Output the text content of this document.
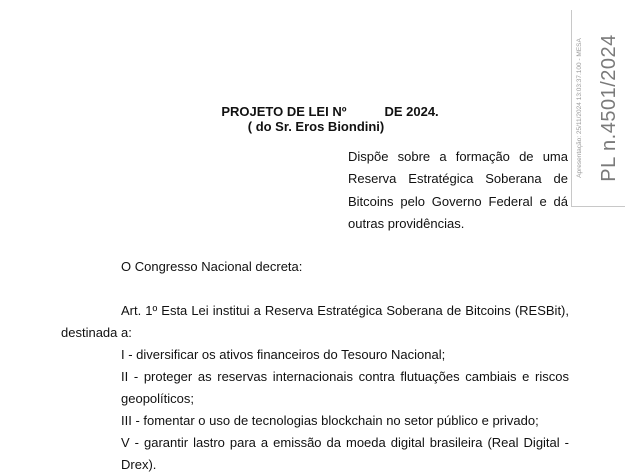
PROJETO DE LEI Nº	DE 2024.
( do Sr. Eros Biondini)
Dispõe sobre a formação de uma
Reserva Estratégica Soberana de
Bitcoins pelo Governo Federal e dá
outras providências.
O Congresso Nacional decreta:
Art. 1º Esta Lei institui a Reserva Estratégica Soberana de Bitcoins (RESBit),
destinada a:
I - diversificar os ativos financeiros do Tesouro Nacional;
II - proteger as reservas internacionais contra flutuações cambiais e riscos
geopolíticos;
III - fomentar o uso de tecnologias blockchain no setor público e privado;
V - garantir lastro para a emissão da moeda digital brasileira (Real Digital -
Drex).
Apresentação: 25/11/2024 13:03:37.100 - MESA PL n.4501/2024
